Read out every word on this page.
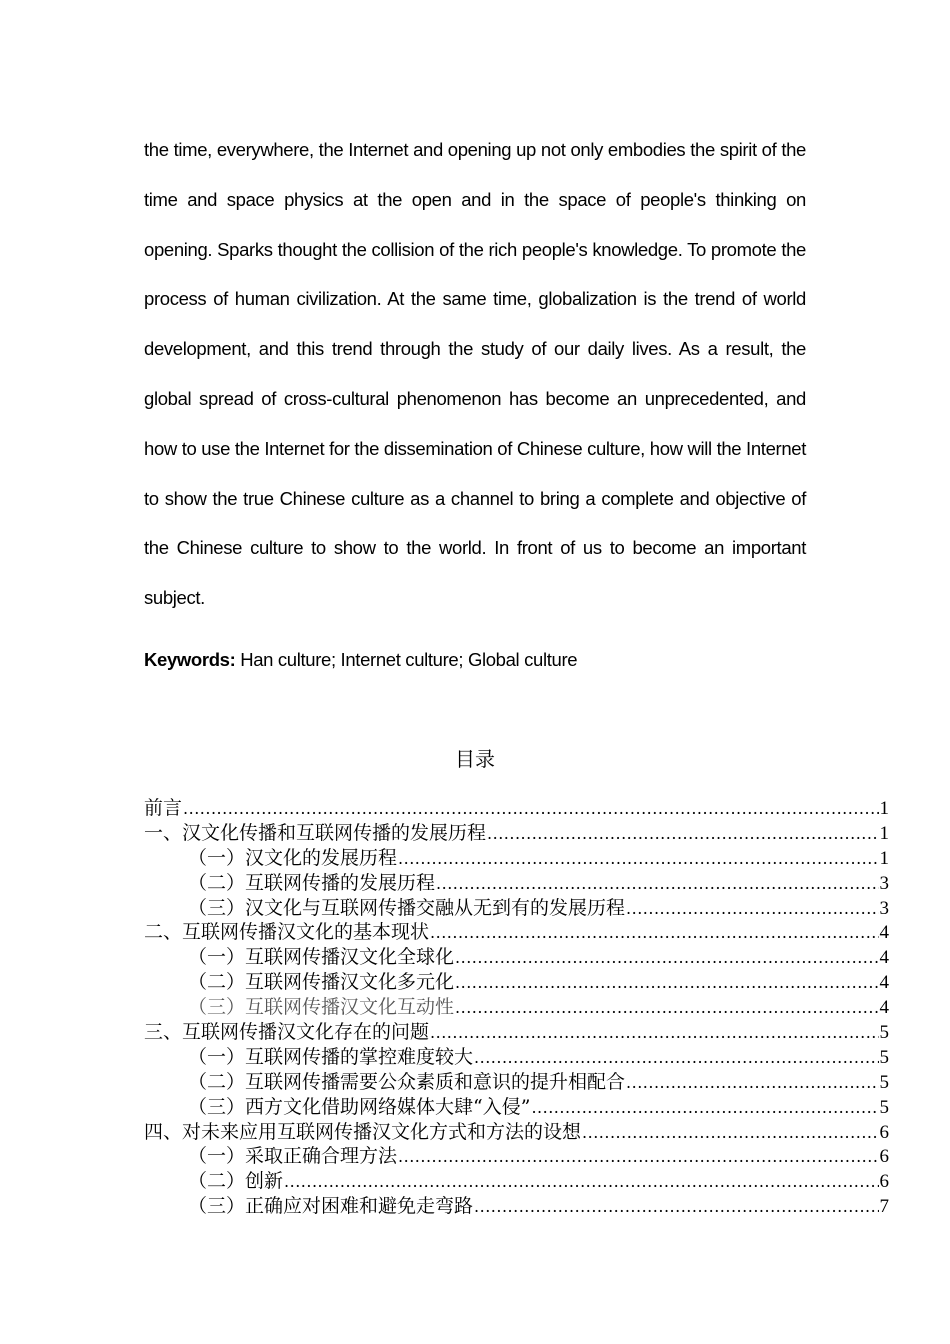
the time, everywhere, the Internet and opening up not only embodies the spirit of the time and space physics at the open and in the space of people's thinking on opening. Sparks thought the collision of the rich people's knowledge. To promote the process of human civilization. At the same time, globalization is the trend of world development, and this trend through the study of our daily lives. As a result, the global spread of cross-cultural phenomenon has become an unprecedented, and how to use the Internet for the dissemination of Chinese culture, how will the Internet to show the true Chinese culture as a channel to bring a complete and objective of the Chinese culture to show to the world. In front of us to become an important subject.

Keywords: Han culture; Internet culture; Global culture
目录
前言 .....	1
一、汉文化传播和互联网传播的发展历程 .....	1
（一）汉文化的发展历程 .....	1
（二）互联网传播的发展历程 .....	3
（三）汉文化与互联网传播交融从无到有的发展历程 .....	3
二、互联网传播汉文化的基本现状 .....	4
（一）互联网传播汉文化全球化 .....	4
（二）互联网传播汉文化多元化 .....	4
（三）互联网传播汉文化互动性 .....	4
三、互联网传播汉文化存在的问题 .....	5
（一）互联网传播的掌控难度较大 .....	5
（二）互联网传播需要公众素质和意识的提升相配合 .....	5
（三）西方文化借助网络媒体大肆“入侵” .....	5
四、对未来应用互联网传播汉文化方式和方法的设想 .....	6
（一）采取正确合理方法 .....	6
（二）创新 .....	6
（三）正确应对困难和避免走弯路 .....	7
